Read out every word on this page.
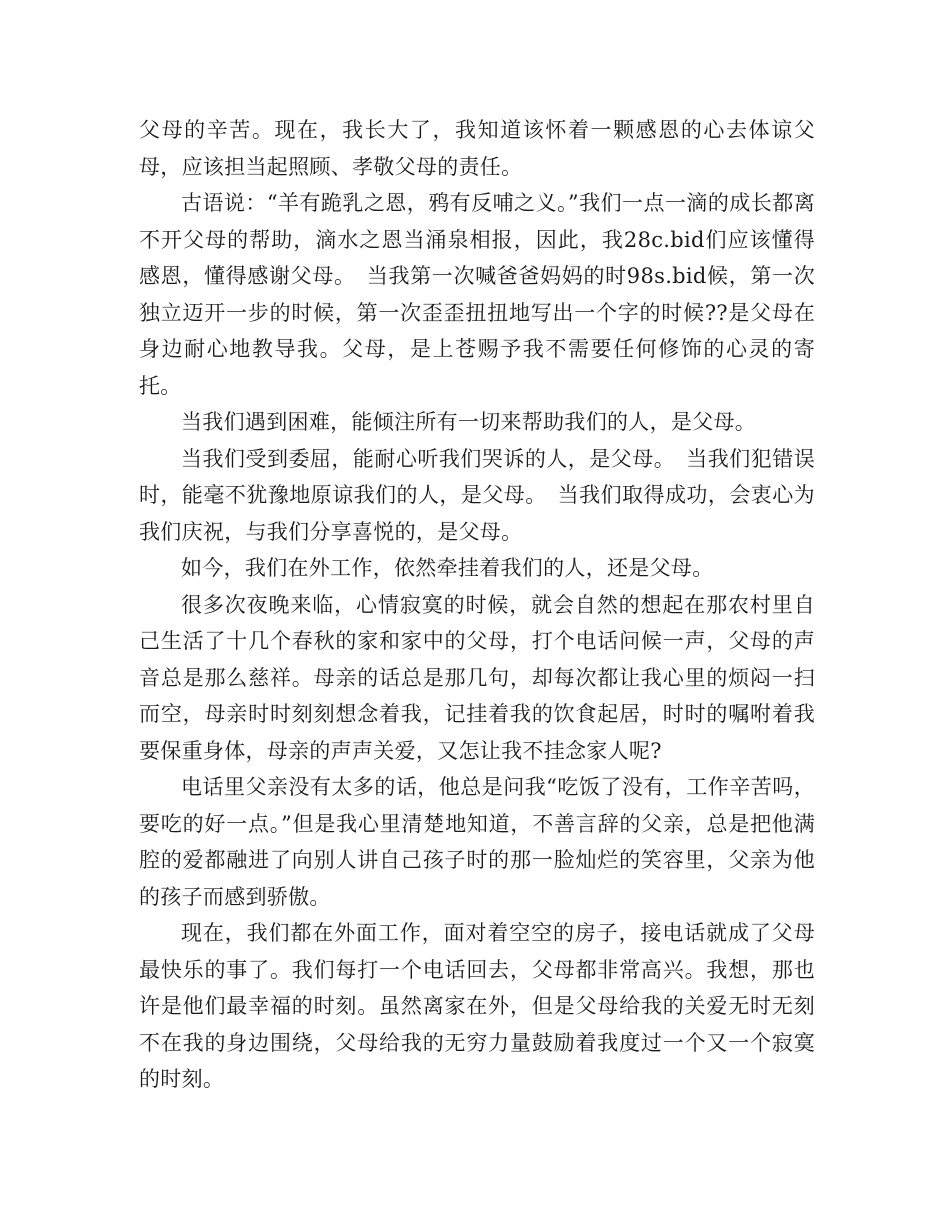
父母的辛苦。现在，我长大了，我知道该怀着一颗感恩的心去体谅父母，应该担当起照顾、孝敬父母的责任。

古语说：“羊有跪乳之恩，鸦有反哺之义。”我们一点一滴的成长都离不开父母的帮助，滴水之恩当涌泉相报，因此，我28c.bid们应该懂得感恩，懂得感谢父母。　当我第一次喊爸爸妈妈的时98s.bid候，第一次独立迈开一步的时候，第一次歪歪扭扭地写出一个字的时候??是父母在身边耐心地教导我。父母，是上苍赐予我不需要任何修饰的心灵的寄托。

当我们遇到困难，能倾注所有一切来帮助我们的人，是父母。

当我们受到委屈，能耐心听我们哭诉的人，是父母。　当我们犯错误时，能毫不犹豫地原谅我们的人，是父母。　当我们取得成功，会衷心为我们庆祝，与我们分享喜悦的，是父母。

如今，我们在外工作，依然牵挂着我们的人，还是父母。

很多次夜晚来临，心情寂寞的时候，就会自然的想起在那农村里自己生活了十几个春秋的家和家中的父母，打个电话问候一声，父母的声音总是那么慈祥。母亲的话总是那几句，却每次都让我心里的烦闷一扫而空，母亲时时刻刻想念着我，记挂着我的饮食起居，时时的嘱咐着我要保重身体，母亲的声声关爱，又怎让我不挂念家人呢?

电话里父亲没有太多的话，他总是问我“吃饭了没有，工作辛苦吗，要吃的好一点。”但是我心里清楚地知道，不善言辞的父亲，总是把他满腔的爱都融进了向别人讲自己孩子时的那一脸灿烂的笑容里，父亲为他的孩子而感到骄傲。

现在，我们都在外面工作，面对着空空的房子，接电话就成了父母最快乐的事了。我们每打一个电话回去，父母都非常高兴。我想，那也许是他们最幸福的时刻。虽然离家在外，但是父母给我的关爱无时无刻不在我的身边围绕，父母给我的无穷力量鼓励着我度过一个又一个寂寞的时刻。
